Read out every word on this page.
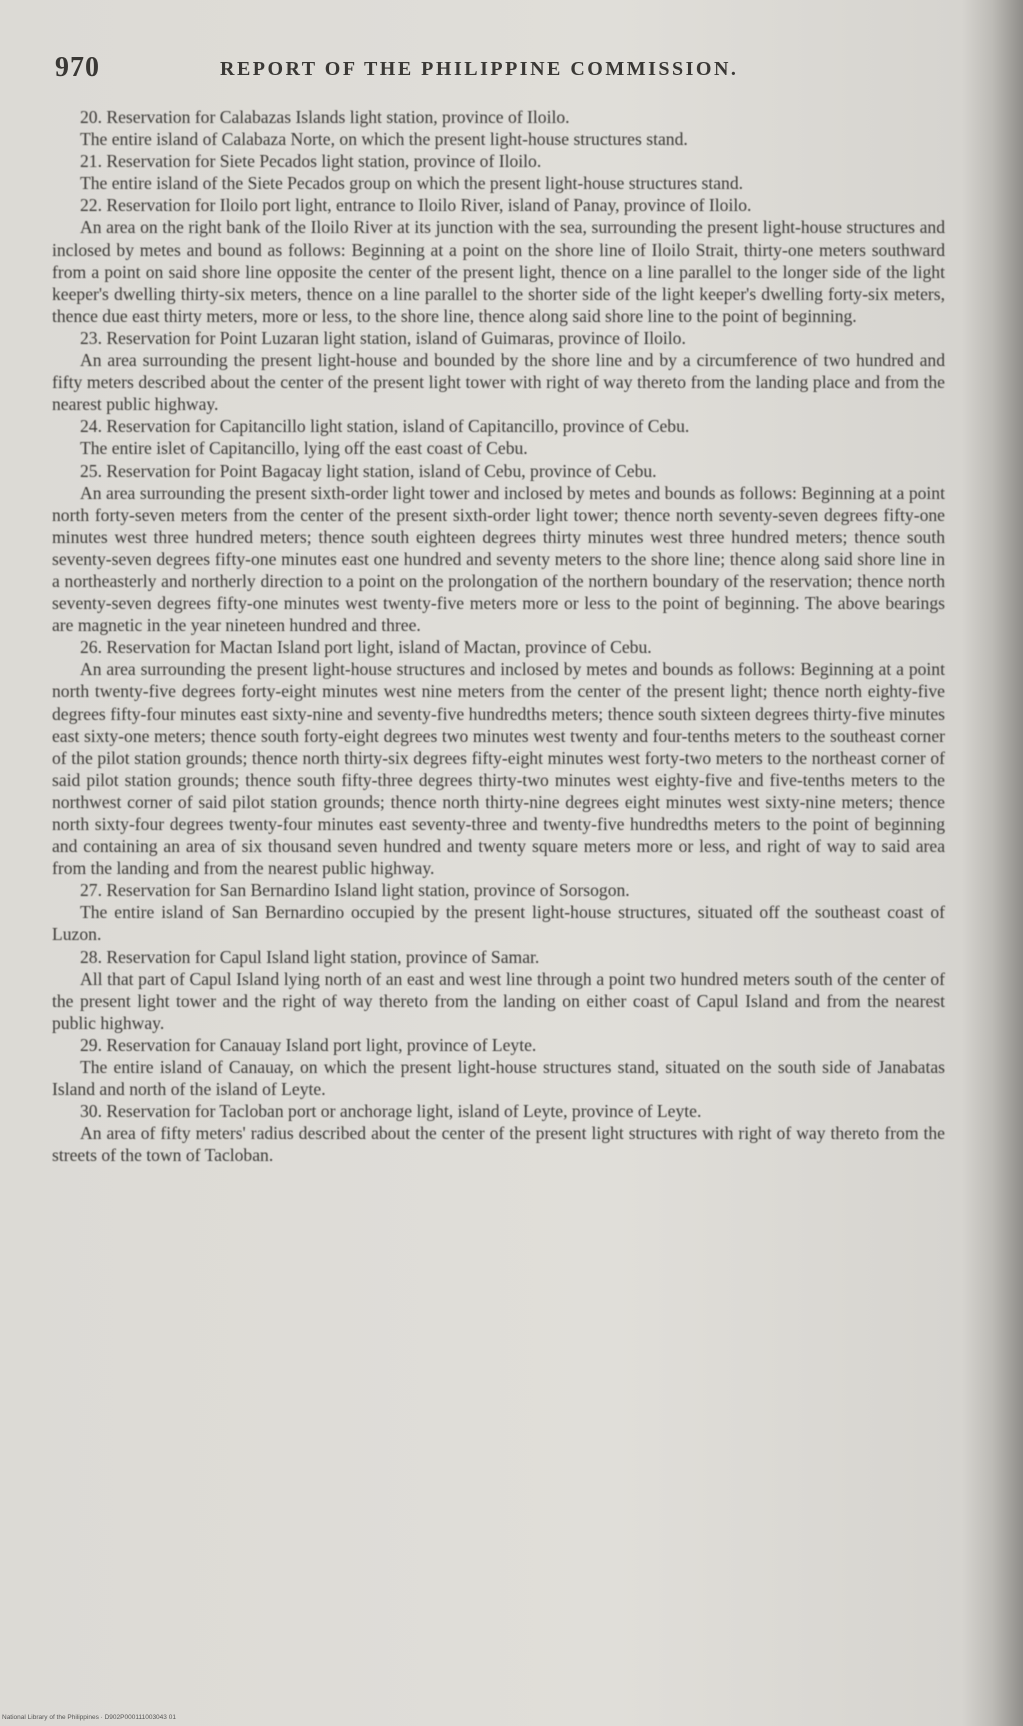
970	REPORT OF THE PHILIPPINE COMMISSION.

20. Reservation for Calabazas Islands light station, province of Iloilo.

The entire island of Calabaza Norte, on which the present light-house structures stand.

21. Reservation for Siete Pecados light station, province of Iloilo.

The entire island of the Siete Pecados group on which the present light-house structures stand.

22. Reservation for Iloilo port light, entrance to Iloilo River, island of Panay, province of Iloilo.

An area on the right bank of the Iloilo River at its junction with the sea, surrounding the present light-house structures and inclosed by metes and bound as follows: Beginning at a point on the shore line of Iloilo Strait, thirty-one meters southward from a point on said shore line opposite the center of the present light, thence on a line parallel to the longer side of the light keeper's dwelling thirty-six meters, thence on a line parallel to the shorter side of the light keeper's dwelling forty-six meters, thence due east thirty meters, more or less, to the shore line, thence along said shore line to the point of beginning.

23. Reservation for Point Luzaran light station, island of Guimaras, province of Iloilo.

An area surrounding the present light-house and bounded by the shore line and by a circumference of two hundred and fifty meters described about the center of the present light tower with right of way thereto from the landing place and from the nearest public highway.

24. Reservation for Capitancillo light station, island of Capitancillo, province of Cebu.

The entire islet of Capitancillo, lying off the east coast of Cebu.

25. Reservation for Point Bagacay light station, island of Cebu, province of Cebu.

An area surrounding the present sixth-order light tower and inclosed by metes and bounds as follows: Beginning at a point north forty-seven meters from the center of the present sixth-order light tower; thence north seventy-seven degrees fifty-one minutes west three hundred meters; thence south eighteen degrees thirty minutes west three hundred meters; thence south seventy-seven degrees fifty-one minutes east one hundred and seventy meters to the shore line; thence along said shore line in a northeasterly and northerly direction to a point on the prolongation of the northern boundary of the reservation; thence north seventy-seven degrees fifty-one minutes west twenty-five meters more or less to the point of beginning. The above bearings are magnetic in the year nineteen hundred and three.

26. Reservation for Mactan Island port light, island of Mactan, province of Cebu.

An area surrounding the present light-house structures and inclosed by metes and bounds as follows: Beginning at a point north twenty-five degrees forty-eight minutes west nine meters from the center of the present light; thence north eighty-five degrees fifty-four minutes east sixty-nine and seventy-five hundredths meters; thence south sixteen degrees thirty-five minutes east sixty-one meters; thence south forty-eight degrees two minutes west twenty and four-tenths meters to the southeast corner of the pilot station grounds; thence north thirty-six degrees fifty-eight minutes west forty-two meters to the northeast corner of said pilot station grounds; thence south fifty-three degrees thirty-two minutes west eighty-five and five-tenths meters to the northwest corner of said pilot station grounds; thence north thirty-nine degrees eight minutes west sixty-nine meters; thence north sixty-four degrees twenty-four minutes east seventy-three and twenty-five hundredths meters to the point of beginning and containing an area of six thousand seven hundred and twenty square meters more or less, and right of way to said area from the landing and from the nearest public highway.

27. Reservation for San Bernardino Island light station, province of Sorsogon.

The entire island of San Bernardino occupied by the present light-house structures, situated off the southeast coast of Luzon.

28. Reservation for Capul Island light station, province of Samar.

All that part of Capul Island lying north of an east and west line through a point two hundred meters south of the center of the present light tower and the right of way thereto from the landing on either coast of Capul Island and from the nearest public highway.

29. Reservation for Canauay Island port light, province of Leyte.

The entire island of Canauay, on which the present light-house structures stand, situated on the south side of Janabatas Island and north of the island of Leyte.

30. Reservation for Tacloban port or anchorage light, island of Leyte, province of Leyte.

An area of fifty meters' radius described about the center of the present light structures with right of way thereto from the streets of the town of Tacloban.

National Library of the Philippines · D902P000111003043 01
